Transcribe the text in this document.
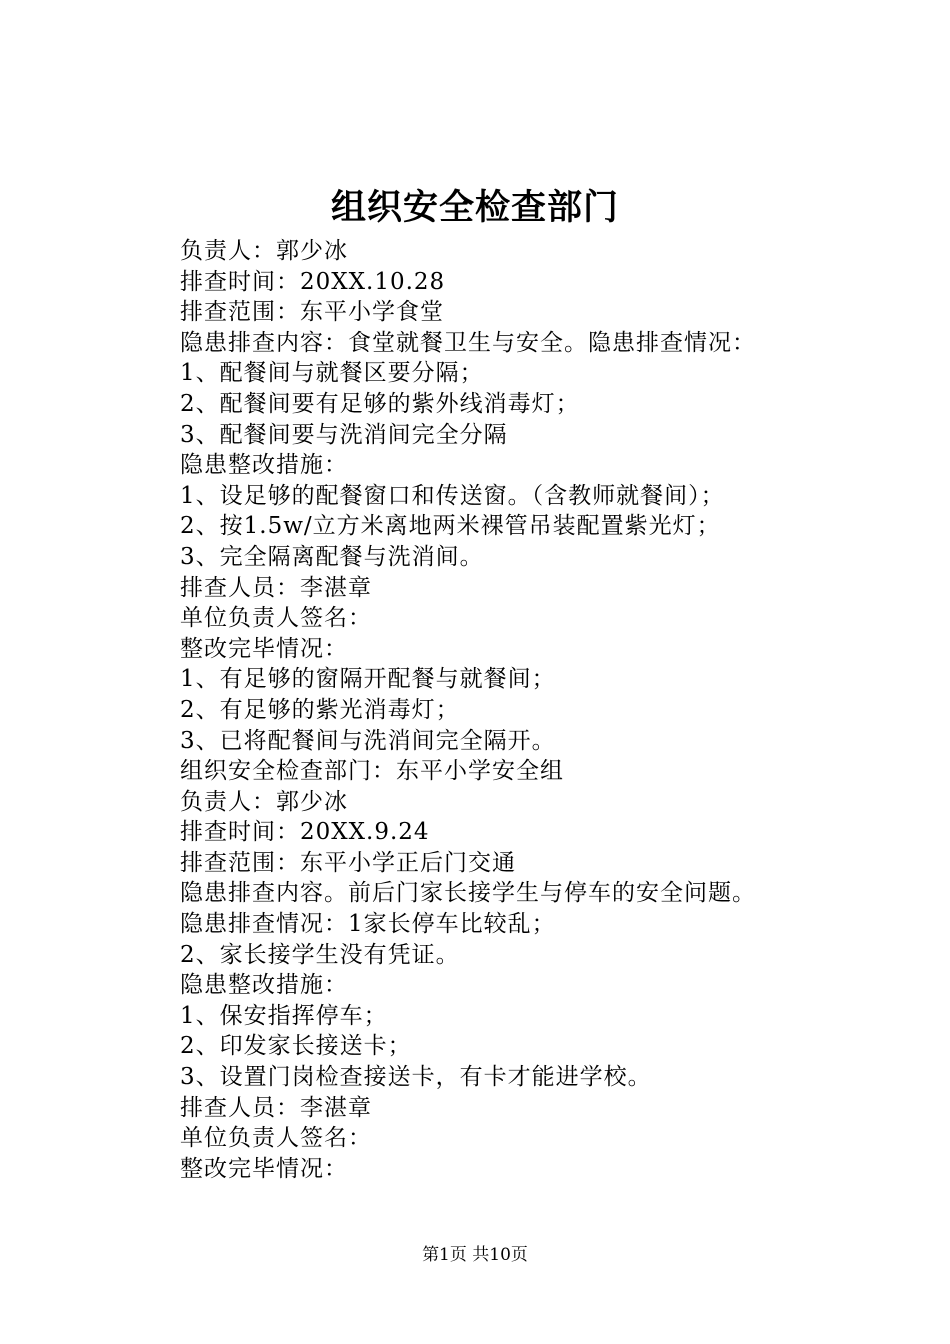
组织安全检查部门
负责人：郭少冰
排查时间：20XX.10.28
排查范围：东平小学食堂
隐患排查内容：食堂就餐卫生与安全。隐患排查情况：
1、配餐间与就餐区要分隔；
2、配餐间要有足够的紫外线消毒灯；
3、配餐间要与洗消间完全分隔
隐患整改措施：
1、设足够的配餐窗口和传送窗。（含教师就餐间）；
2、按1.5w/立方米离地两米裸管吊装配置紫光灯；
3、完全隔离配餐与洗消间。
排查人员：李湛章
单位负责人签名：
整改完毕情况：
1、有足够的窗隔开配餐与就餐间；
2、有足够的紫光消毒灯；
3、已将配餐间与洗消间完全隔开。
组织安全检查部门：东平小学安全组
负责人：郭少冰
排查时间：20XX.9.24
排查范围：东平小学正后门交通
隐患排查内容。前后门家长接学生与停车的安全问题。
隐患排查情况：1家长停车比较乱；
2、家长接学生没有凭证。
隐患整改措施：
1、保安指挥停车；
2、印发家长接送卡；
3、设置门岗检查接送卡，有卡才能进学校。
排查人员：李湛章
单位负责人签名：
整改完毕情况：
第1页 共10页
